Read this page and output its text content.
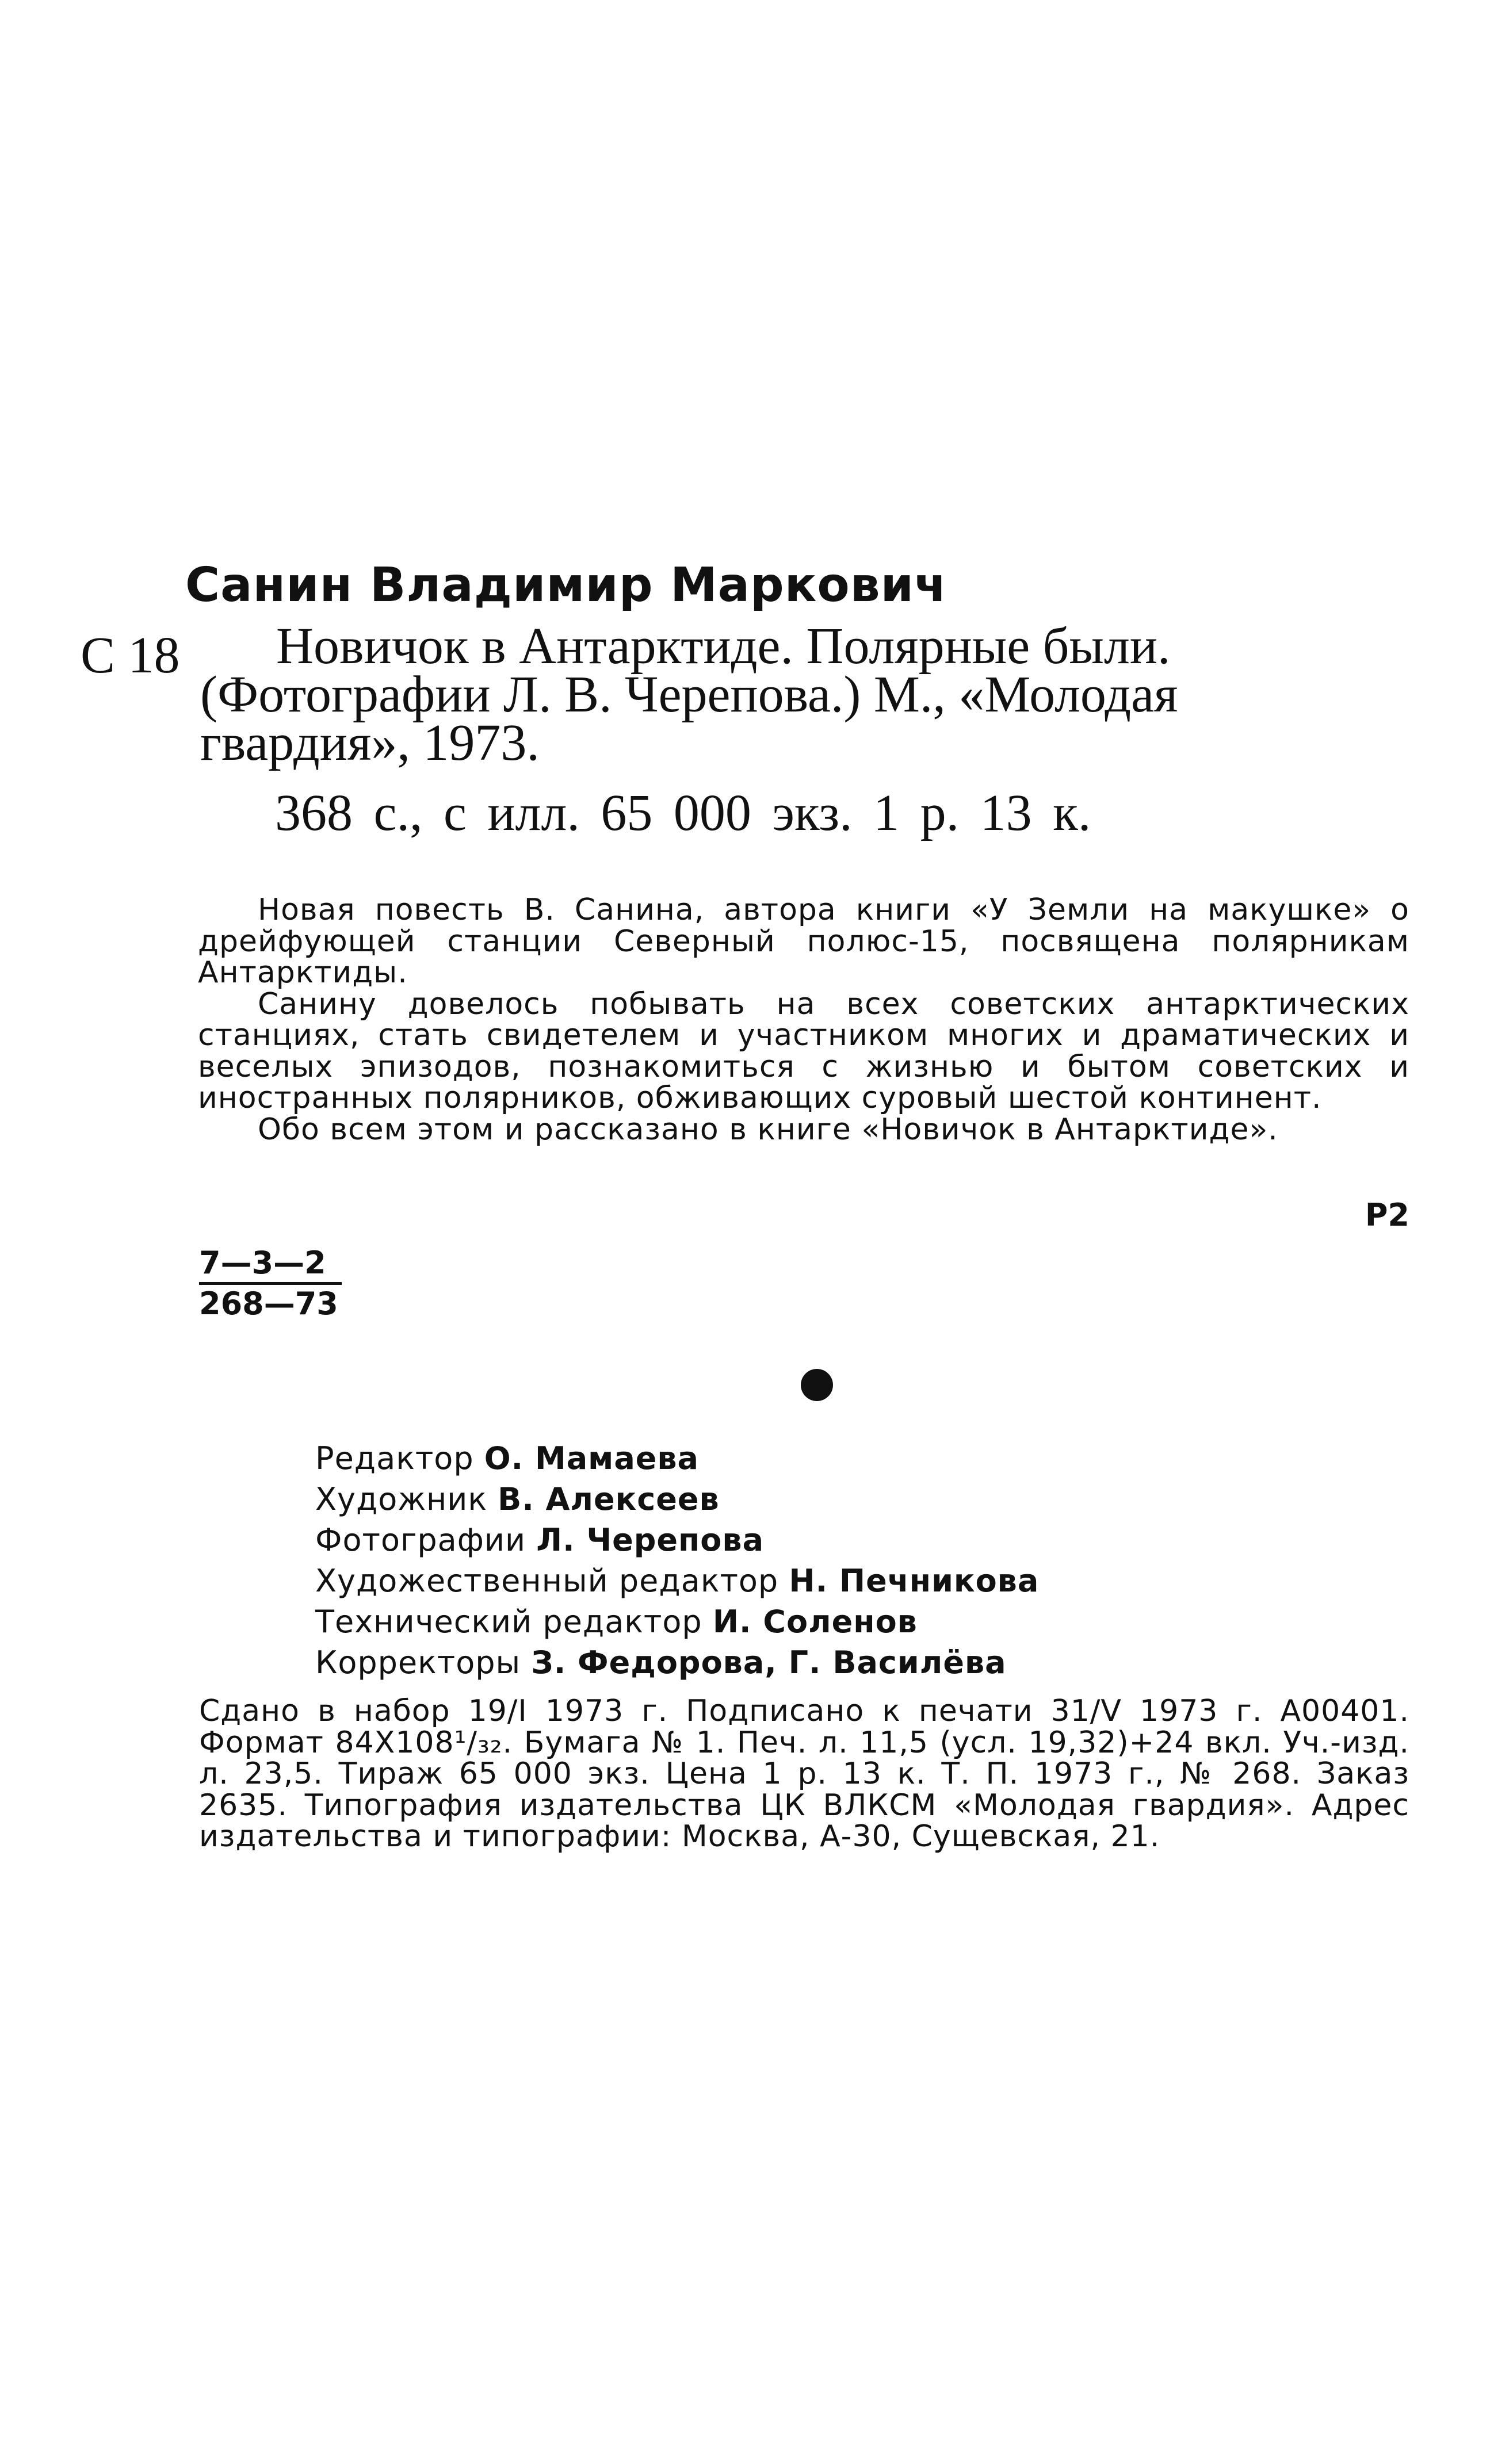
Санин Владимир Маркович
С 18	Новичок в Антарктиде. Полярные были.
(Фотографии Л. В. Черепова.) М., «Молодая
гвардия», 1973.
368 с., с илл. 65 000 экз. 1 р. 13 к.

Новая повесть В. Санина, автора книги «У Земли на макушке» о дрейфующей станции Северный полюс-15, посвящена полярникам Антарктиды.

Санину довелось побывать на всех советских антарктических станциях, стать свидетелем и участником многих и драматических и веселых эпизодов, познакомиться с жизнью и бытом советских и иностранных полярников, обживающих суровый шестой континент.

Обо всем этом и рассказано в книге «Новичок в Антарктиде».

Р2
$\frac{7—3—2}{268—73}$
Редактор О. Мамаева
Художник В. Алексеев
Фотографии Л. Черепова
Художественный редактор Н. Печникова
Технический редактор И. Соленов
Корректоры З. Федорова, Г. Василёва

Сдано в набор 19/I 1973 г. Подписано к печати 31/V 1973 г. А00401. Формат 84Х108¹/₃₂. Бумага № 1. Печ. л. 11,5 (усл. 19,32)+24 вкл. Уч.-изд. л. 23,5. Тираж 65 000 экз. Цена 1 р. 13 к. Т. П. 1973 г., № 268. Заказ 2635. Типография издательства ЦК ВЛКСМ «Молодая гвардия». Адрес издательства и типографии: Москва, А-30, Сущевская, 21.
